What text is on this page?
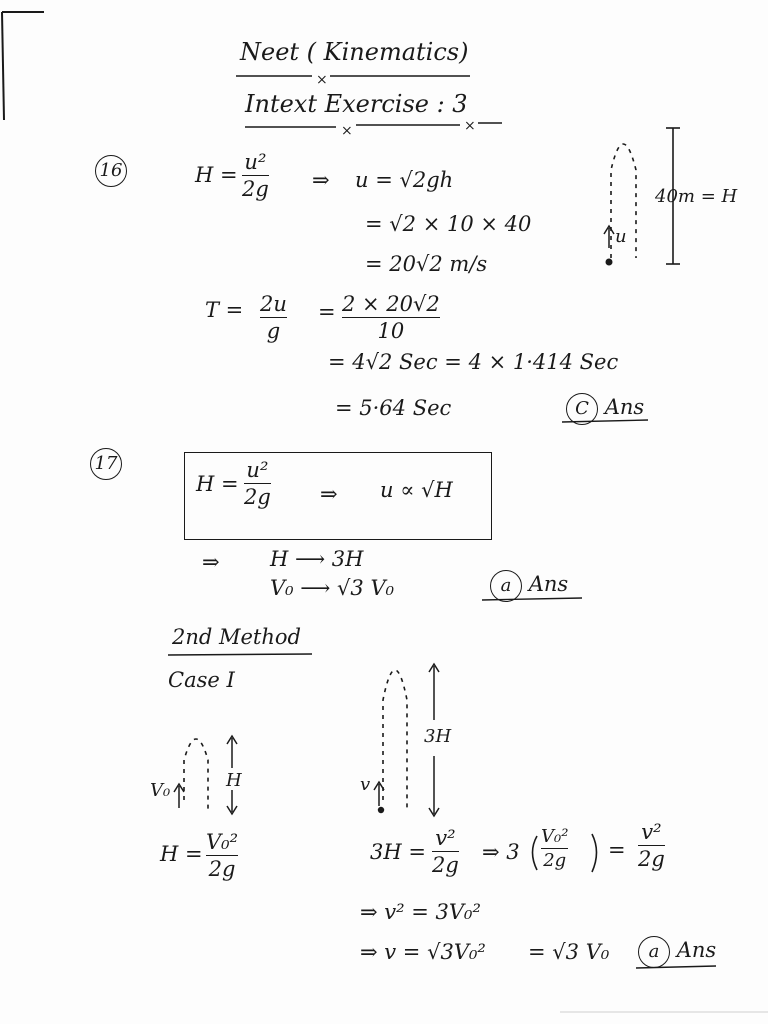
×
×	×
Neet ( Kinematics)
Intext Exercise : 3
16	H =
u²
2g ⇒ u = √2gh
= √2 × 10 × 40
= 20√2 m/s
u
40m = H
T = 2u
g
= 2 × 20√2
10
= 4√2 Sec = 4 × 1·414 Sec
= 5·64 Sec	C Ans
17
H =
u²
2g ⇒ u ∝ √H
⇒ H ⟶ 3H
V₀ ⟶ √3 V₀	a Ans
2nd Method
Case I
V₀	H	v
3H
H = V₀²
2g
3H =
v²
2g
⇒ 3
V₀²
2g =
v²
2g
⇒ v² = 3V₀²
⇒ v = √3V₀² = √3 V₀	a Ans
